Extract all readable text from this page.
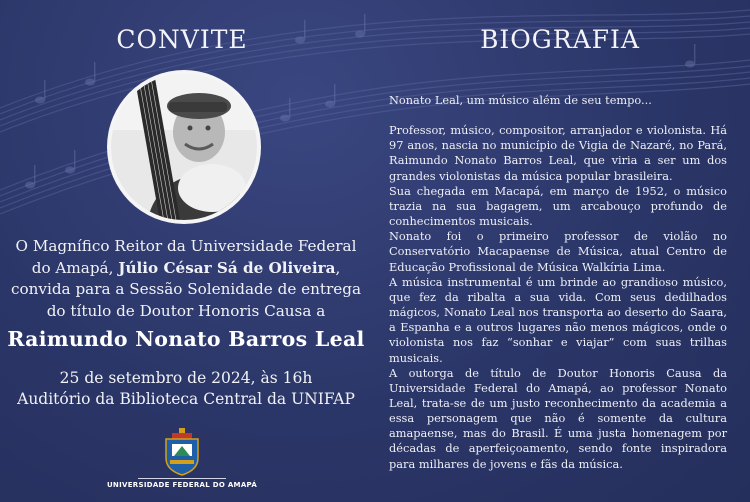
CONVITE

O Magnífico Reitor da Universidade Federal
do Amapá, Júlio César Sá de Oliveira,
convida para a Sessão Solenidade de entrega
do título de Doutor Honoris Causa a

Raimundo Nonato Barros Leal

25 de setembro de 2024, às 16h
Auditório da Biblioteca Central da UNIFAP

UNIVERSIDADE FEDERAL DO AMAPÁ
BIOGRAFIA

Nonato Leal, um músico além de seu tempo...

Professor, músico, compositor, arranjador e violonista. Há 97 anos, nascia no município de Vigia de Nazaré, no Pará, Raimundo Nonato Barros Leal, que viria a ser um dos grandes violonistas da música popular brasileira.

Sua chegada em Macapá, em março de 1952, o músico trazia na sua bagagem, um arcabouço profundo de conhecimentos musicais.

Nonato foi o primeiro professor de violão no Conservatório Macapaense de Música, atual Centro de Educação Profissional de Música Walkíria Lima.

A música instrumental é um brinde ao grandioso músico, que fez da ribalta a sua vida. Com seus dedilhados mágicos, Nonato Leal nos transporta ao deserto do Saara, a Espanha e a outros lugares não menos mágicos, onde o violonista nos faz “sonhar e viajar” com suas trilhas musicais.

A outorga de título de Doutor Honoris Causa da Universidade Federal do Amapá, ao professor Nonato Leal, trata-se de um justo reconhecimento da academia a essa personagem que não é somente da cultura amapaense, mas do Brasil. É uma justa homenagem por décadas de aperfeiçoamento, sendo fonte inspiradora para milhares de jovens e fãs da música.
